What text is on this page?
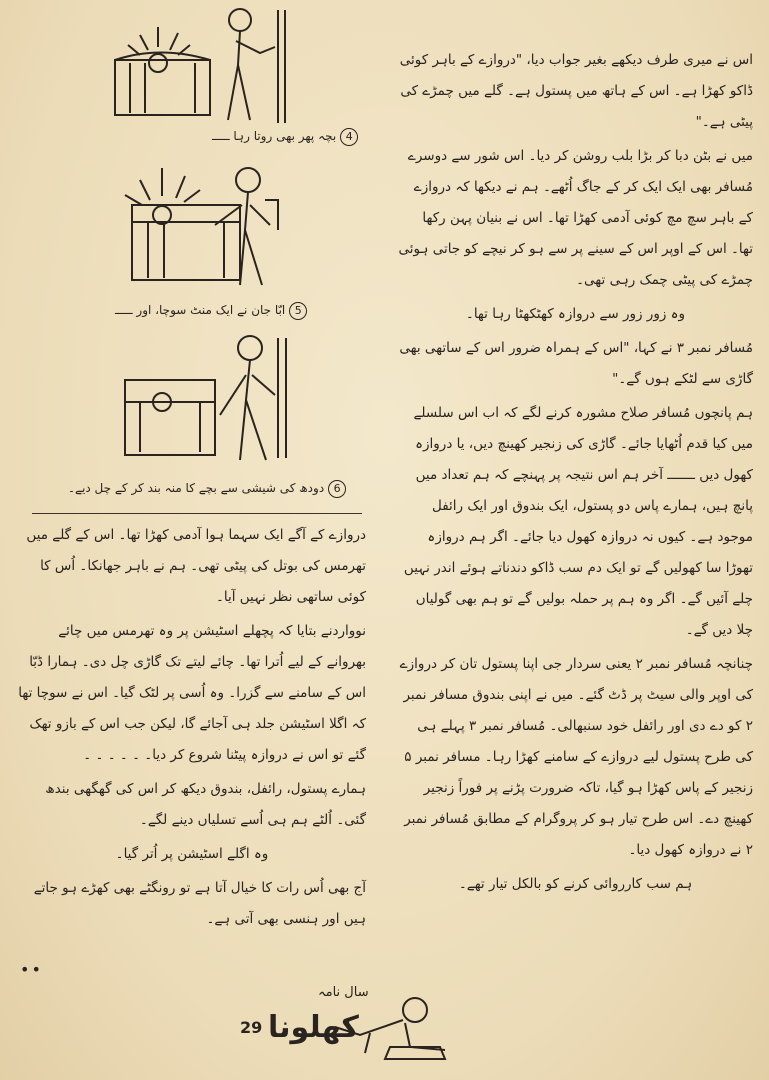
4بچہ پھر بھی روتا رہا ـــــ
5ابّا جان نے ایک منٹ سوچا، اور ـــــ
6دودھ کی شیشی سے بچے کا منہ بند کر کے چل دیے۔

اس نے میری طرف دیکھے بغیر جواب دیا، "دروازے کے باہر کوئی ڈاکو کھڑا ہے۔ اس کے ہاتھ میں پستول ہے۔ گلے میں چمڑے کی پیٹی ہے۔"

میں نے بٹن دبا کر بڑا بلب روشن کر دیا۔ اس شور سے دوسرے مُسافر بھی ایک ایک کر کے جاگ اُٹھے۔ ہم نے دیکھا کہ دروازے کے باہر سچ مچ کوئی آدمی کھڑا تھا۔ اس نے بنیان پہن رکھا تھا۔ اس کے اوپر اس کے سینے پر سے ہو کر نیچے کو جاتی ہوئی چمڑے کی پیٹی چمک رہی تھی۔

وہ زور زور سے دروازہ کھٹکھٹا رہا تھا۔

مُسافر نمبر ۳ نے کہا، "اس کے ہمراہ ضرور اس کے ساتھی بھی گاڑی سے لٹکے ہوں گے۔"

ہم پانچوں مُسافر صلاح مشورہ کرنے لگے کہ اب اس سلسلے میں کیا قدم اُٹھایا جائے۔ گاڑی کی زنجیر کھینچ دیں، یا دروازہ کھول دیں ـــــــ آخر ہم اس نتیجہ پر پہنچے کہ ہم تعداد میں پانچ ہیں، ہمارے پاس دو پستول، ایک بندوق اور ایک رائفل موجود ہے۔ کیوں نہ دروازہ کھول دیا جائے۔ اگر ہم دروازہ تھوڑا سا کھولیں گے تو ایک دم سب ڈاکو دندناتے ہوئے اندر نہیں چلے آئیں گے۔ اگر وہ ہم پر حملہ بولیں گے تو ہم بھی گولیاں چلا دیں گے۔

چنانچہ مُسافر نمبر ۲ یعنی سردار جی اپنا پستول تان کر دروازے کی اوپر والی سیٹ پر ڈٹ گئے۔ میں نے اپنی بندوق مسافر نمبر ۲ کو دے دی اور رائفل خود سنبھالی۔ مُسافر نمبر ۳ پہلے ہی کی طرح پستول لیے دروازے کے سامنے کھڑا رہا۔ مسافر نمبر ۵ زنجیر کے پاس کھڑا ہو گیا، تاکہ ضرورت پڑنے پر فوراً زنجیر کھینچ دے۔ اس طرح تیار ہو کر پروگرام کے مطابق مُسافر نمبر ۲ نے دروازہ کھول دیا۔

ہم سب کارروائی کرنے کو بالکل تیار تھے۔

دروازے کے آگے ایک سہما ہوا آدمی کھڑا تھا۔ اس کے گلے میں تھرمس کی بوتل کی پیٹی تھی۔ ہم نے باہر جھانکا۔ اُس کا کوئی ساتھی نظر نہیں آیا۔

نوواردنے بتایا کہ پچھلے اسٹیشن پر وہ تھرمس میں چائے بھروانے کے لیے اُترا تھا۔ چائے لیتے تک گاڑی چل دی۔ ہمارا ڈبّا اس کے سامنے سے گزرا۔ وہ اُسی پر لٹک گیا۔ اس نے سوچا تھا کہ اگلا اسٹیشن جلد ہی آجائے گا، لیکن جب اس کے بازو تھک گئے تو اس نے دروازہ پیٹنا شروع کر دیا۔ ۔ ۔ ۔ ۔ ۔

ہمارے پستول، رائفل، بندوق دیکھ کر اس کی گھگھی بندھ گئی۔ اُلٹے ہم ہی اُسے تسلیاں دینے لگے۔

وہ اگلے اسٹیشن پر اُتر گیا۔

آج بھی اُس رات کا خیال آتا ہے تو رونگٹے بھی کھڑے ہو جاتے ہیں اور ہنسی بھی آتی ہے۔

••
سال نامہ
کھلونا
29
